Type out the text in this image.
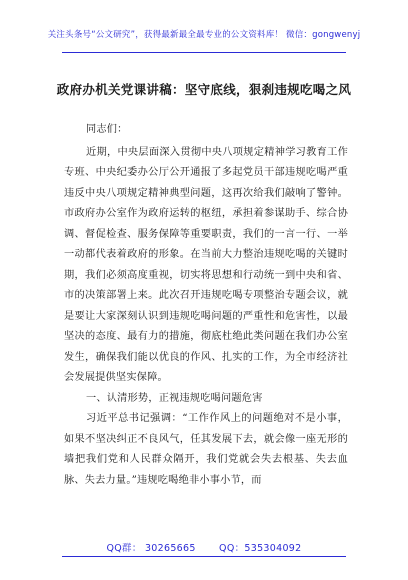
关注头条号“公文研究”，获得最新最全最专业的公文资料库！ 微信：gongwenyj
政府办机关党课讲稿：坚守底线，狠刹违规吃喝之风

同志们：

近期，中央层面深入贯彻中央八项规定精神学习教育工作专班、中央纪委办公厅公开通报了多起党员干部违规吃喝严重违反中央八项规定精神典型问题，这再次给我们敲响了警钟。市政府办公室作为政府运转的枢纽，承担着参谋助手、综合协调、督促检查、服务保障等重要职责，我们的一言一行、一举一动都代表着政府的形象。在当前大力整治违规吃喝的关键时期，我们必须高度重视，切实将思想和行动统一到中央和省、市的决策部署上来。此次召开违规吃喝专项整治专题会议，就是要让大家深刻认识到违规吃喝问题的严重性和危害性，以最坚决的态度、最有力的措施，彻底杜绝此类问题在我们办公室发生，确保我们能以优良的作风、扎实的工作，为全市经济社会发展提供坚实保障。

一、认清形势，正视违规吃喝问题危害

习近平总书记强调：“工作作风上的问题绝对不是小事，如果不坚决纠正不良风气，任其发展下去，就会像一座无形的墙把我们党和人民群众隔开，我们党就会失去根基、失去血脉、失去力量。”违规吃喝绝非小事小节，而

QQ群： 30265665 QQ：535304092
